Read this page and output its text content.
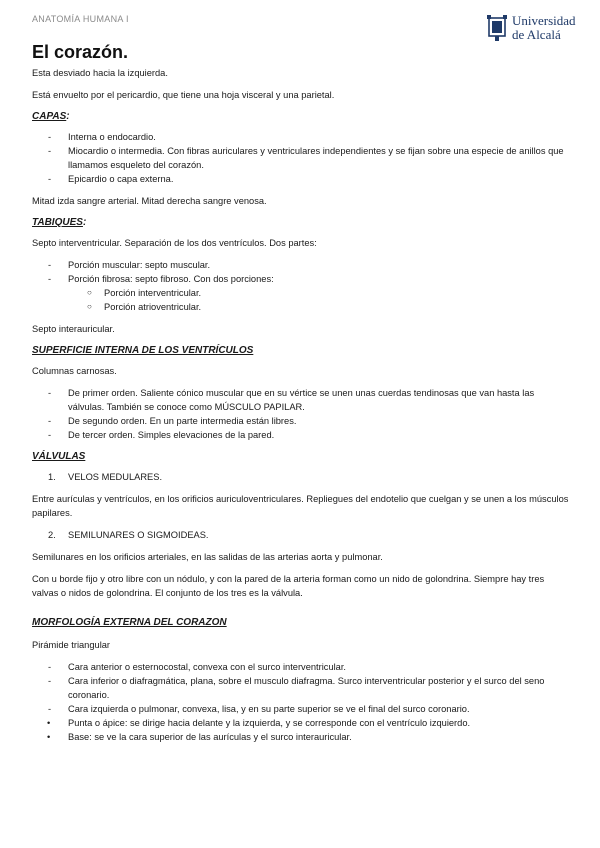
ANATOMÍA HUMANA I	Universidad
de Alcalá
El corazón.

Esta desviado hacia la izquierda.

Está envuelto por el pericardio, que tiene una hoja visceral y una parietal.

CAPAS:
- Interna o endocardio.
- Miocardio o intermedia. Con fibras auriculares y ventriculares independientes y se fijan sobre una especie de anillos que llamamos esqueleto del corazón.
- Epicardio o capa externa.

Mitad izda sangre arterial. Mitad derecha sangre venosa.

TABIQUES:

Septo interventricular. Separación de los dos ventrículos. Dos partes:

- Porción muscular: septo muscular.
- Porción fibrosa: septo fibroso. Con dos porciones:
○ Porción interventricular.
○ Porción atrioventricular.

Septo interauricular.

SUPERFICIE INTERNA DE LOS VENTRÍCULOS

Columnas carnosas.

- De primer orden. Saliente cónico muscular que en su vértice se unen unas cuerdas tendinosas que van hasta las válvulas. También se conoce como MÚSCULO PAPILAR.
- De segundo orden. En un parte intermedia están libres.
- De tercer orden. Simples elevaciones de la pared.
VÁLVULAS
1. VELOS MEDULARES.

Entre aurículas y ventrículos, en los orificios auriculoventriculares. Repliegues del endotelio que cuelgan y se unen a los músculos papilares.

2. SEMILUNARES O SIGMOIDEAS.

Semilunares en los orificios arteriales, en las salidas de las arterias aorta y pulmonar.

Con u borde fijo y otro libre con un nódulo, y con la pared de la arteria forman como un nido de golondrina. Siempre hay tres valvas o nidos de golondrina. El conjunto de los tres es la válvula.

MORFOLOGÍA EXTERNA DEL CORAZON

Pirámide triangular

- Cara anterior o esternocostal, convexa con el surco interventricular.
- Cara inferior o diafragmática, plana, sobre el musculo diafragma. Surco interventricular posterior y el surco del seno coronario.
- Cara izquierda o pulmonar, convexa, lisa, y en su parte superior se ve el final del surco coronario.
• Punta o ápice: se dirige hacia delante y la izquierda, y se corresponde con el ventrículo izquierdo.
• Base: se ve la cara superior de las aurículas y el surco interauricular.
